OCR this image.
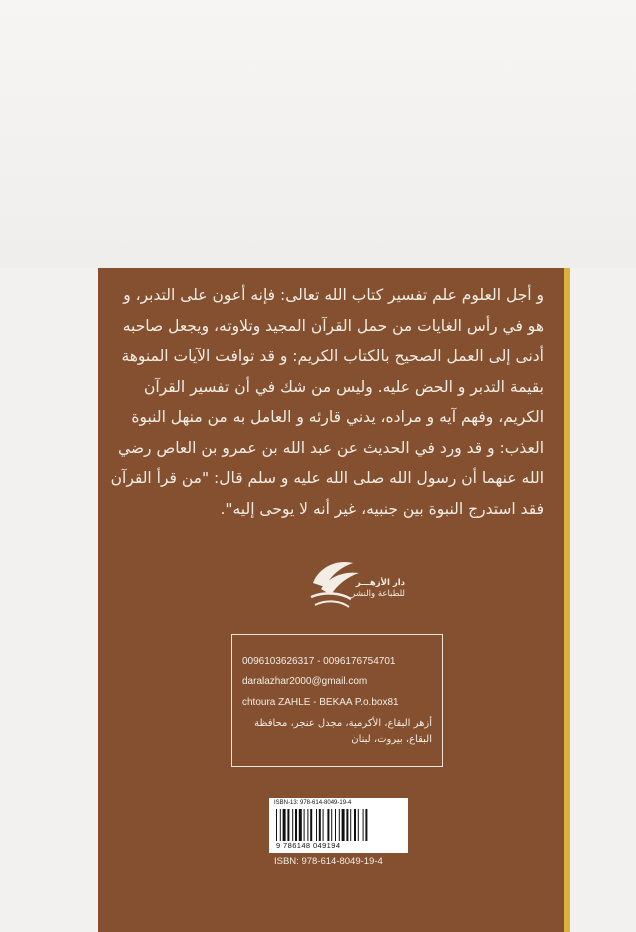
و أجل العلوم علم تفسير كتاب الله تعالى: فإنه أعون على التدبر، و
هو في رأس الغايات من حمل القرآن المجيد وتلاوته، ويجعل صاحبه
أدنى إلى العمل الصحيح بالكتاب الكريم: و قد توافت الآيات المنوهة
بقيمة التدبر و الحض عليه. وليس من شك في أن تفسير القرآن
الكريم، وفهم آيه و مراده، يدني قارئه و العامل به من منهل النبوة
العذب: و قد ورد في الحديث عن عبد الله بن عمرو بن العاص رضي
الله عنهما أن رسول الله صلى الله عليه و سلم قال: "من قرأ القرآن
فقد استدرج النبوة بين جنبيه، غير أنه لا يوحى إليه".
دار الأزهـــر
للطباعة والنشر
0096103626317 - 0096176754701
daralazhar2000@gmail.com
chtoura ZAHLE - BEKAA P.o.box81
أزهر البقاع، الأكرمية، مجدل عنجر، محافظة البقاع، بيروت، لبنان
ISBN-13: 978-614-8049-19-4
9 786148 049194
ISBN: 978-614-8049-19-4
